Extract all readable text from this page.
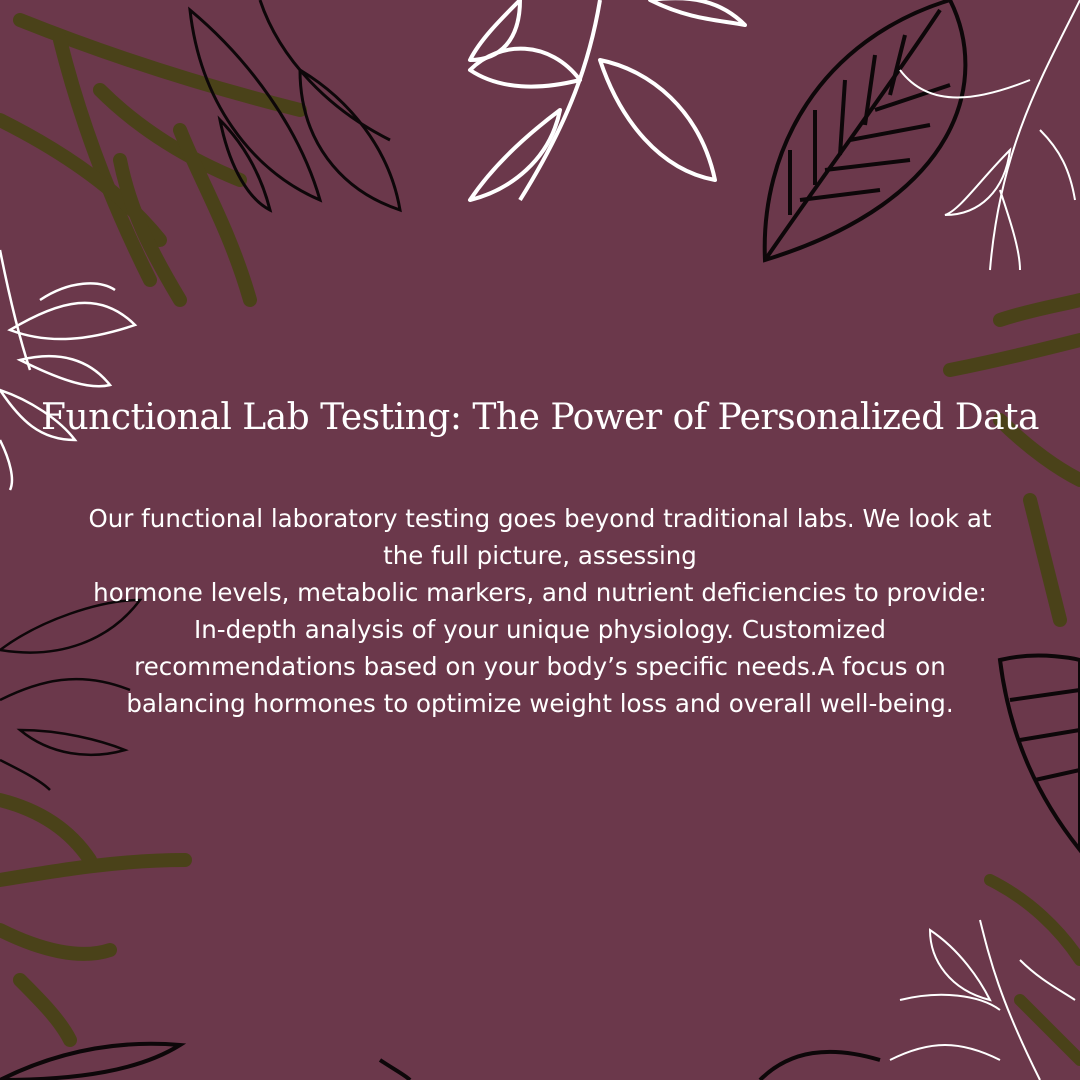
Functional Lab Testing: The Power of Personalized Data
Our functional laboratory testing goes beyond traditional labs. We look at
the full picture, assessing
hormone levels, metabolic markers, and nutrient deficiencies to provide:
In-depth analysis of your unique physiology. Customized
recommendations based on your body’s specific needs.A focus on
balancing hormones to optimize weight loss and overall well-being.
